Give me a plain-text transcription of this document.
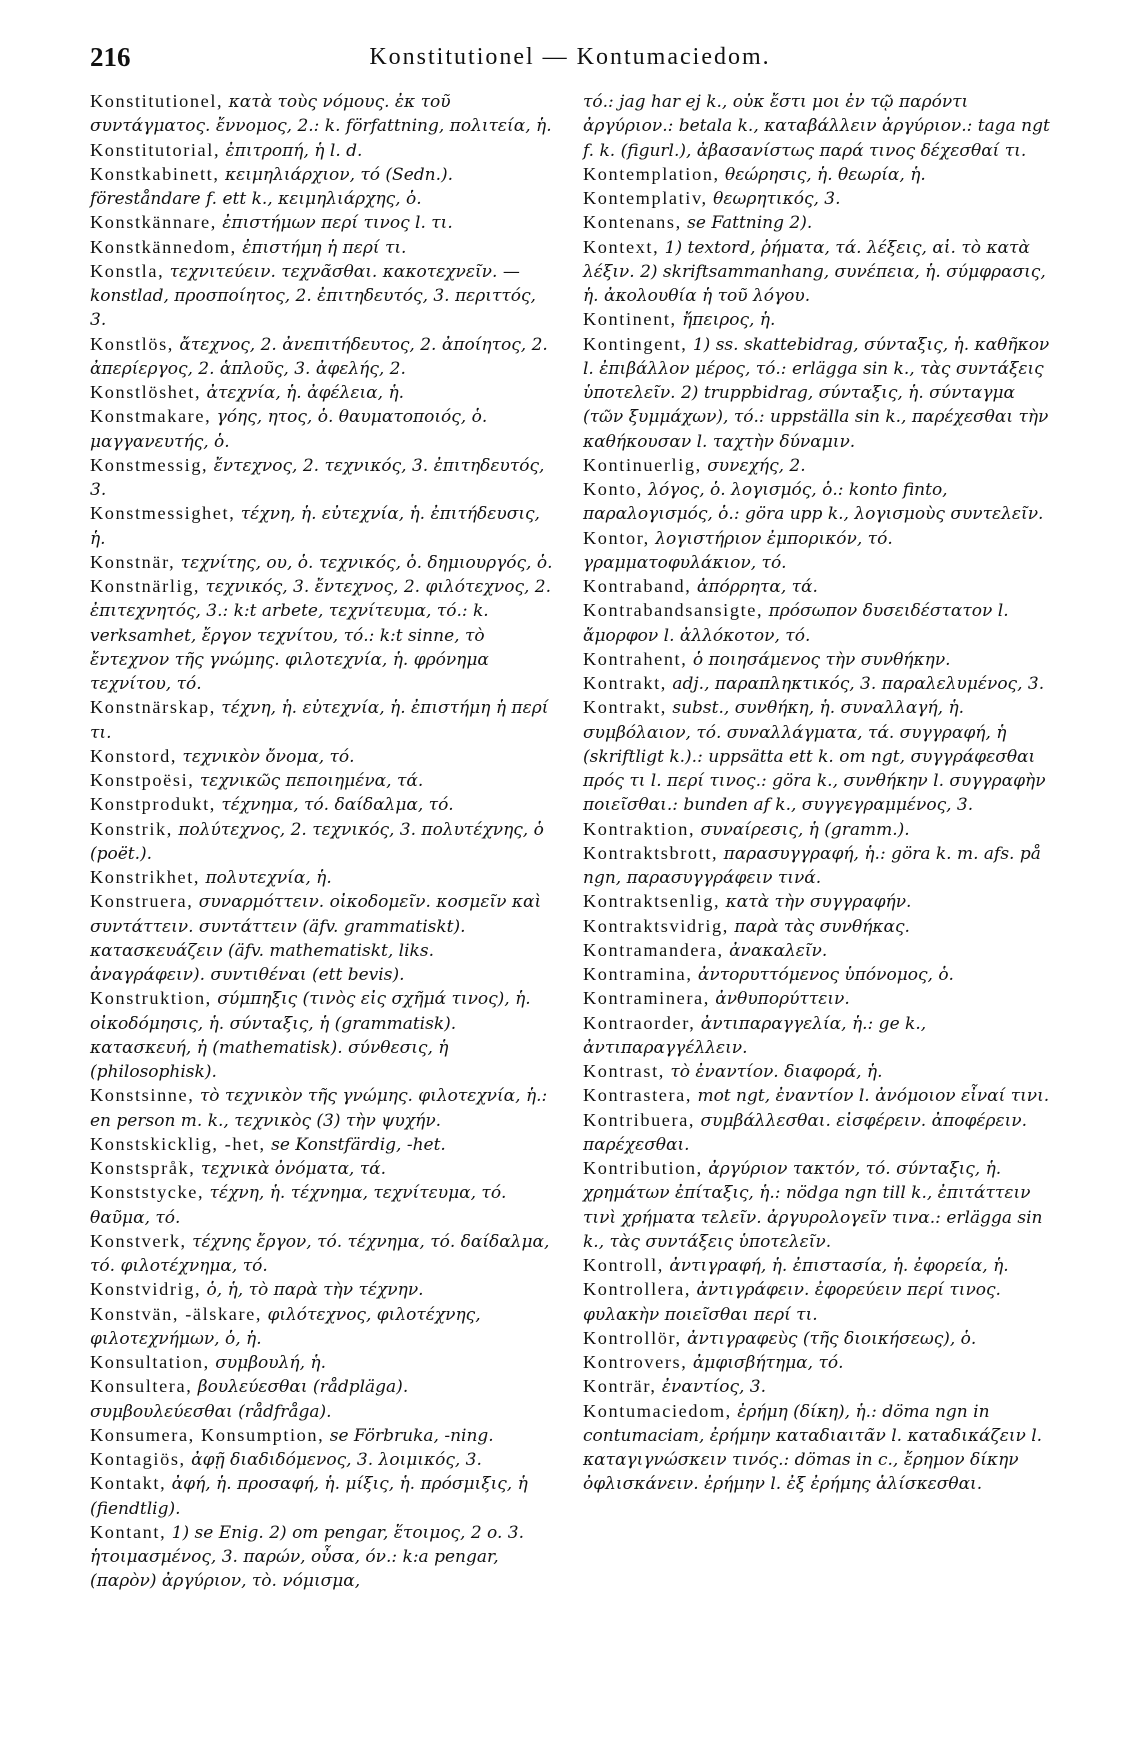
216	Konstitutionel — Kontumaciedom.

Konstitutionel, κατὰ τοὺς νόμους. ἐκ τοῦ συντάγματος. ἔννομος, 2.: k. författning, πολιτεία, ἡ.

Konstitutorial, ἐπιτροπή, ἡ l. d.

Konstkabinett, κειμηλιάρχιον, τό (Sedn.). föreståndare f. ett k., κειμηλιάρχης, ὁ.

Konstkännare, ἐπιστήμων περί τινος l. τι.

Konstkännedom, ἐπιστήμη ἡ περί τι.

Konstla, τεχνιτεύειν. τεχνᾶσθαι. κακοτεχνεῖν. — konstlad, προσποίητος, 2. ἐπιτηδευτός, 3. περιττός, 3.

Konstlös, ἄτεχνος, 2. ἀνεπιτήδευτος, 2. ἀποίητος, 2. ἀπερίεργος, 2. ἁπλοῦς, 3. ἀφελής, 2.

Konstlöshet, ἀτεχνία, ἡ. ἀφέλεια, ἡ.

Konstmakare, γόης, ητος, ὁ. θαυματοποιός, ὁ. μαγγανευτής, ὁ.

Konstmessig, ἔντεχνος, 2. τεχνικός, 3. ἐπιτηδευτός, 3.

Konstmessighet, τέχνη, ἡ. εὐτεχνία, ἡ. ἐπιτήδευσις, ἡ.

Konstnär, τεχνίτης, ου, ὁ. τεχνικός, ὁ. δημιουργός, ὁ.

Konstnärlig, τεχνικός, 3. ἔντεχνος, 2. φιλότεχνος, 2. ἐπιτεχνητός, 3.: k:t arbete, τεχνίτευμα, τό.: k. verksamhet, ἔργον τεχνίτου, τό.: k:t sinne, τὸ ἔντεχνον τῆς γνώμης. φιλοτεχνία, ἡ. φρόνημα τεχνίτου, τό.

Konstnärskap, τέχνη, ἡ. εὐτεχνία, ἡ. ἐπιστήμη ἡ περί τι.

Konstord, τεχνικὸν ὄνομα, τό.

Konstpoësi, τεχνικῶς πεποιημένα, τά.

Konstprodukt, τέχνημα, τό. δαίδαλμα, τό.

Konstrik, πολύτεχνος, 2. τεχνικός, 3. πολυτέχνης, ὁ (poët.).

Konstrikhet, πολυτεχνία, ἡ.

Konstruera, συναρμόττειν. οἰκοδομεῖν. κοσμεῖν καὶ συντάττειν. συντάττειν (äfv. grammatiskt). κατασκευάζειν (äfv. mathematiskt, liks. ἀναγράφειν). συντιθέναι (ett bevis).

Konstruktion, σύμπηξις (τινὸς εἰς σχῆμά τινος), ἡ. οἰκοδόμησις, ἡ. σύνταξις, ἡ (grammatisk). κατασκευή, ἡ (mathematisk). σύνθεσις, ἡ (philosophisk).

Konstsinne, τὸ τεχνικὸν τῆς γνώμης. φιλοτεχνία, ἡ.: en person m. k., τεχνικὸς (3) τὴν ψυχήν.

Konstskicklig, -het, se Konstfärdig, -het.

Konstspråk, τεχνικὰ ὀνόματα, τά.

Konststycke, τέχνη, ἡ. τέχνημα, τεχνίτευμα, τό. θαῦμα, τό.

Konstverk, τέχνης ἔργον, τό. τέχνημα, τό. δαίδαλμα, τό. φιλοτέχνημα, τό.

Konstvidrig, ὁ, ἡ, τὸ παρὰ τὴν τέχνην.

Konstvän, -älskare, φιλότεχνος, φιλοτέχνης, φιλοτεχνήμων, ὁ, ἡ.

Konsultation, συμβουλή, ἡ.

Konsultera, βουλεύεσθαι (rådpläga). συμβουλεύεσθαι (rådfråga).

Konsumera, Konsumption, se Förbruka, -ning.

Kontagiös, ἀφῇ διαδιδόμενος, 3. λοιμικός, 3.

Kontakt, ἀφή, ἡ. προσαφή, ἡ. μίξις, ἡ. πρόσμιξις, ἡ (fiendtlig).

Kontant, 1) se Enig. 2) om pengar, ἕτοιμος, 2 o. 3. ἡτοιμασμένος, 3. παρών, οὖσα, όν.: k:a pengar, (παρὸν) ἀργύριον, τὸ. νόμισμα,

τό.: jag har ej k., οὐκ ἔστι μοι ἐν τῷ παρόντι ἀργύριον.: betala k., καταβάλλειν ἀργύριον.: taga ngt f. k. (figurl.), ἀβασανίστως παρά τινος δέχεσθαί τι.

Kontemplation, θεώρησις, ἡ. θεωρία, ἡ.

Kontemplativ, θεωρητικός, 3.

Kontenans, se Fattning 2).

Kontext, 1) textord, ῥήματα, τά. λέξεις, αἱ. τὸ κατὰ λέξιν. 2) skriftsammanhang, συνέπεια, ἡ. σύμφρασις, ἡ. ἀκολουθία ἡ τοῦ λόγου.

Kontinent, ἤπειρος, ἡ.

Kontingent, 1) ss. skattebidrag, σύνταξις, ἡ. καθῆκον l. ἐπιβάλλον μέρος, τό.: erlägga sin k., τὰς συντάξεις ὑποτελεῖν. 2) truppbidrag, σύνταξις, ἡ. σύνταγμα (τῶν ξυμμάχων), τό.: uppställa sin k., παρέχεσθαι τὴν καθήκουσαν l. ταχτὴν δύναμιν.

Kontinuerlig, συνεχής, 2.

Konto, λόγος, ὁ. λογισμός, ὁ.: konto finto, παραλογισμός, ὁ.: göra upp k., λογισμοὺς συντελεῖν.

Kontor, λογιστήριον ἐμπορικόν, τό. γραμματοφυλάκιον, τό.

Kontraband, ἀπόρρητα, τά.

Kontrabandsansigte, πρόσωπον δυσειδέστατον l. ἄμορφον l. ἀλλόκοτον, τό.

Kontrahent, ὁ ποιησάμενος τὴν συνθήκην.

Kontrakt, adj., παραπληκτικός, 3. παραλελυμένος, 3.

Kontrakt, subst., συνθήκη, ἡ. συναλλαγή, ἡ. συμβόλαιον, τό. συναλλάγματα, τά. συγγραφή, ἡ (skriftligt k.).: uppsätta ett k. om ngt, συγγράφεσθαι πρός τι l. περί τινος.: göra k., συνθήκην l. συγγραφὴν ποιεῖσθαι.: bunden af k., συγγεγραμμένος, 3.

Kontraktion, συναίρεσις, ἡ (gramm.).

Kontraktsbrott, παρασυγγραφή, ἡ.: göra k. m. afs. på ngn, παρασυγγράφειν τινά.

Kontraktsenlig, κατὰ τὴν συγγραφήν.

Kontraktsvidrig, παρὰ τὰς συνθήκας.

Kontramandera, ἀνακαλεῖν.

Kontramina, ἀντορυττόμενος ὑπόνομος, ὁ.

Kontraminera, ἀνθυπορύττειν.

Kontraorder, ἀντιπαραγγελία, ἡ.: ge k., ἀντιπαραγγέλλειν.

Kontrast, τὸ ἐναντίον. διαφορά, ἡ.

Kontrastera, mot ngt, ἐναντίον l. ἀνόμοιον εἶναί τινι.

Kontribuera, συμβάλλεσθαι. εἰσφέρειν. ἀποφέρειν. παρέχεσθαι.

Kontribution, ἀργύριον τακτόν, τό. σύνταξις, ἡ. χρημάτων ἐπίταξις, ἡ.: nödga ngn till k., ἐπιτάττειν τινὶ χρήματα τελεῖν. ἀργυρολογεῖν τινα.: erlägga sin k., τὰς συντάξεις ὑποτελεῖν.

Kontroll, ἀντιγραφή, ἡ. ἐπιστασία, ἡ. ἐφορεία, ἡ.

Kontrollera, ἀντιγράφειν. ἐφορεύειν περί τινος. φυλακὴν ποιεῖσθαι περί τι.

Kontrollör, ἀντιγραφεὺς (τῆς διοικήσεως), ὁ.

Kontrovers, ἀμφισβήτημα, τό.

Konträr, ἐναντίος, 3.

Kontumaciedom, ἐρήμη (δίκη), ἡ.: döma ngn in contumaciam, ἐρήμην καταδιαιτᾶν l. καταδικάζειν l. καταγιγνώσκειν τινός.: dömas in c., ἔρημον δίκην ὀφλισκάνειν. ἐρήμην l. ἐξ ἐρήμης ἁλίσκεσθαι.
